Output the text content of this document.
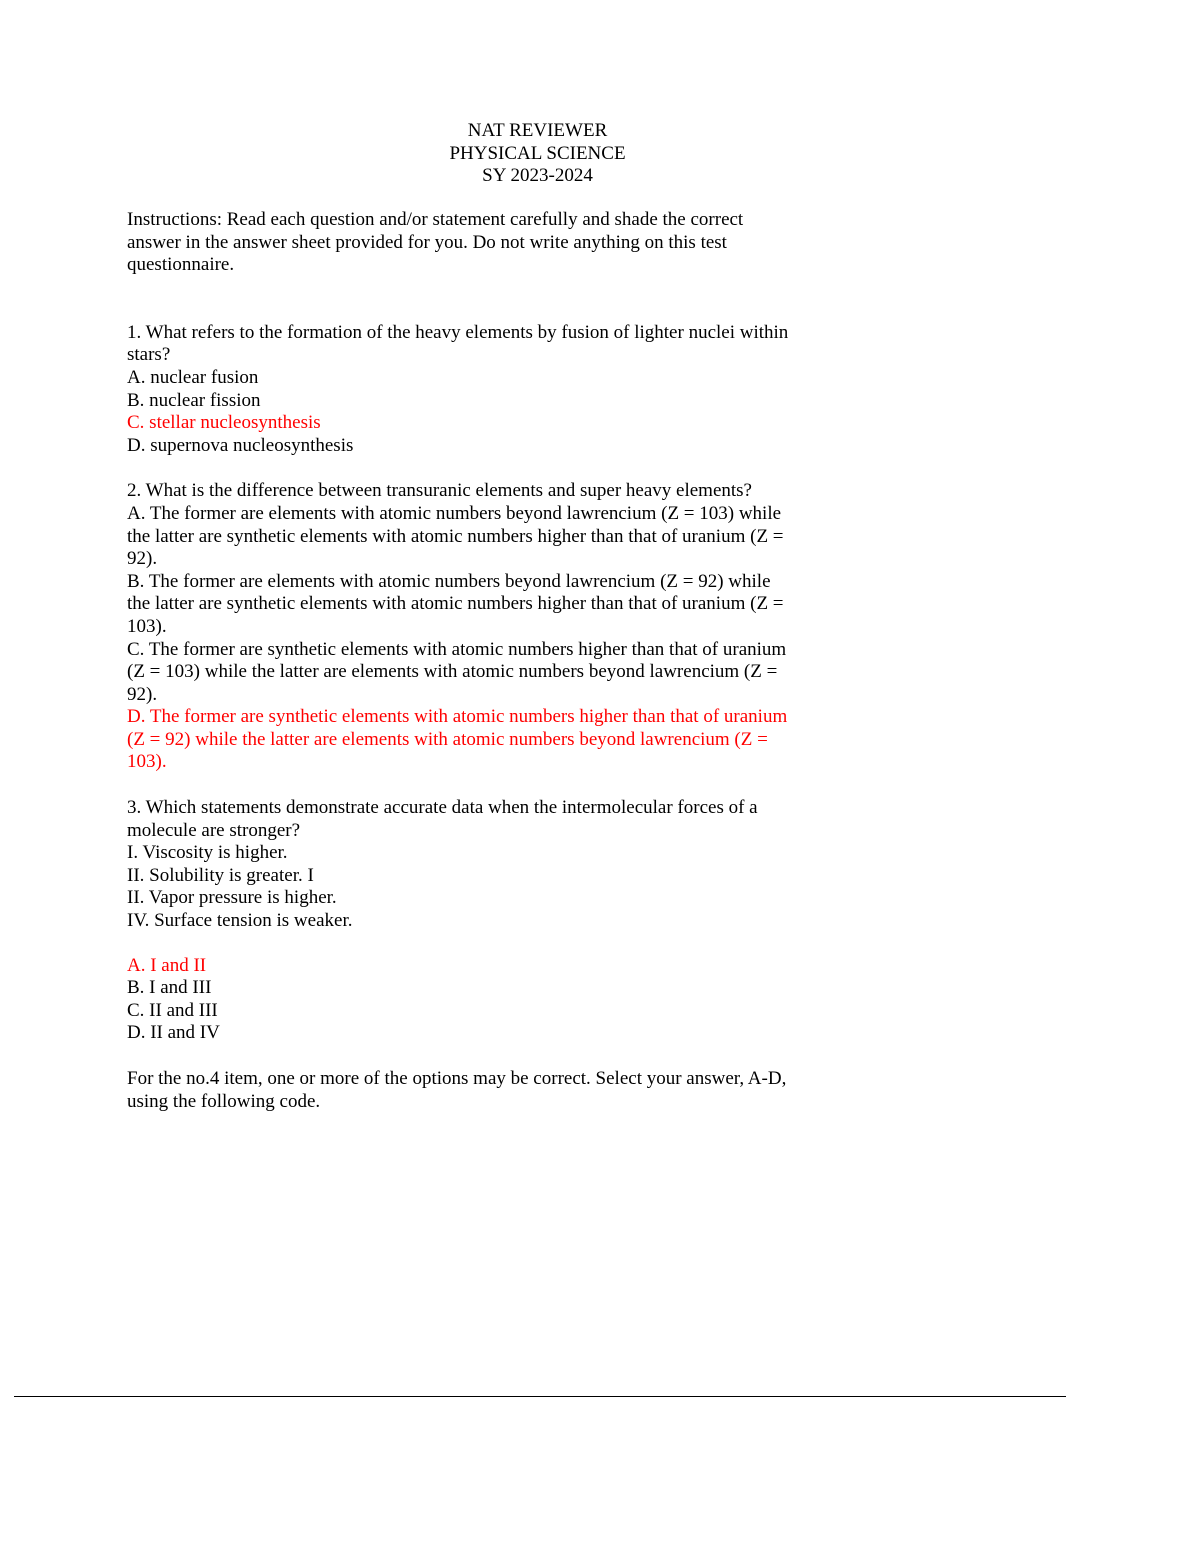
NAT REVIEWER
PHYSICAL SCIENCE
SY 2023-2024

Instructions: Read each question and/or statement carefully and shade the correct answer in the answer sheet provided for you. Do not write anything on this test questionnaire.

1. What refers to the formation of the heavy elements by fusion of lighter nuclei within stars?
A. nuclear fusion
B. nuclear fission
C. stellar nucleosynthesis
D. supernova nucleosynthesis
2. What is the difference between transuranic elements and super heavy elements?
A. The former are elements with atomic numbers beyond lawrencium (Z = 103) while the latter are synthetic elements with atomic numbers higher than that of uranium (Z = 92).
B. The former are elements with atomic numbers beyond lawrencium (Z = 92) while the latter are synthetic elements with atomic numbers higher than that of uranium (Z = 103).
C. The former are synthetic elements with atomic numbers higher than that of uranium (Z = 103) while the latter are elements with atomic numbers beyond lawrencium (Z = 92).
D. The former are synthetic elements with atomic numbers higher than that of uranium (Z = 92) while the latter are elements with atomic numbers beyond lawrencium (Z = 103).
3. Which statements demonstrate accurate data when the intermolecular forces of a molecule are stronger?
I. Viscosity is higher.
II. Solubility is greater. I
II. Vapor pressure is higher.
IV. Surface tension is weaker.
A. I and II
B. I and III
C. II and III
D. II and IV

For the no.4 item, one or more of the options may be correct. Select your answer, A-D, using the following code.
